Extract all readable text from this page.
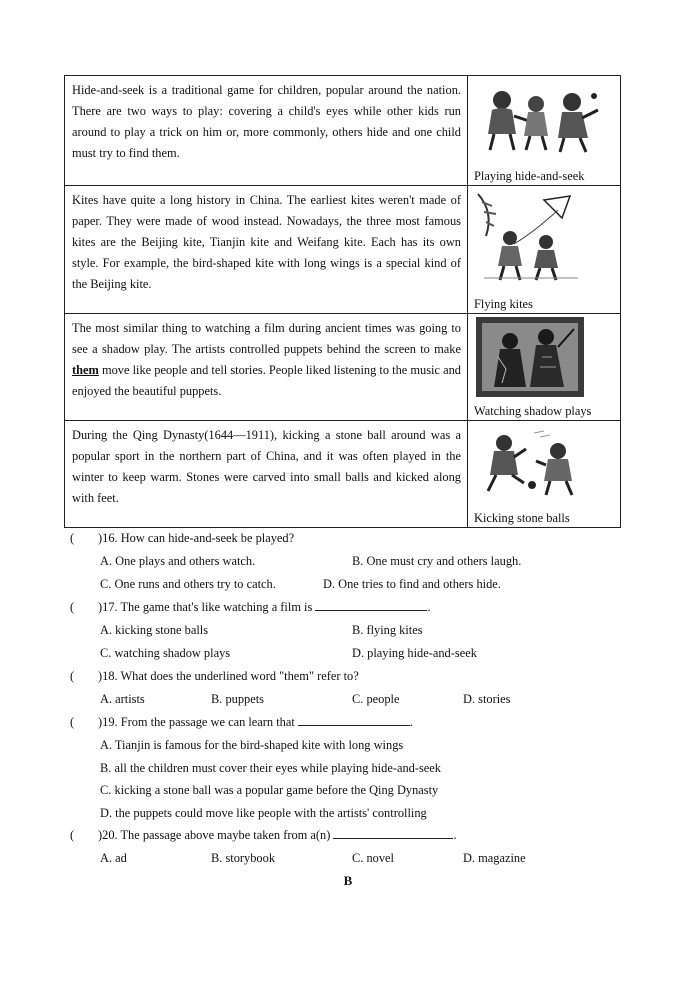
Hide-and-seek is a traditional game for children, popular around the nation. There are two ways to play: covering a child's eyes while other kids run around to play a trick on him or, more commonly, others hide and one child must try to find them.
Playing hide-and-seek
Kites have quite a long history in China. The earliest kites weren't made of paper. They were made of wood instead. Nowadays, the three most famous kites are the Beijing kite, Tianjin kite and Weifang kite. Each has its own style. For example, the bird-shaped kite with long wings is a special kind of the Beijing kite.
Flying kites
The most similar thing to watching a film during ancient times was going to see a shadow play. The artists controlled puppets behind the screen to make them move like people and tell stories. People liked listening to the music and enjoyed the beautiful puppets.
Watching shadow plays
During the Qing Dynasty(1644—1911), kicking a stone ball around was a popular sport in the northern part of China, and it was often played in the winter to keep warm. Stones were carved into small balls and kicked along with feet.
Kicking stone balls
( )16. How can hide-and-seek be played?
A. One plays and others watch.	B. One must cry and others laugh.
C. One runs and others try to catch.	D. One tries to find and others hide.
( )17. The game that's like watching a film is	.
A. kicking stone balls	B. flying kites
C. watching shadow plays	D. playing hide-and-seek
( )18. What does the underlined word "them" refer to?
A. artists	B. puppets	C. people	D. stories
( )19. From the passage we can learn that	.
A. Tianjin is famous for the bird-shaped kite with long wings
B. all the children must cover their eyes while playing hide-and-seek
C. kicking a stone ball was a popular game before the Qing Dynasty
D. the puppets could move like people with the artists' controlling
( )20. The passage above maybe taken from a(n)	.
A. ad	B. storybook	C. novel	D. magazine
B
